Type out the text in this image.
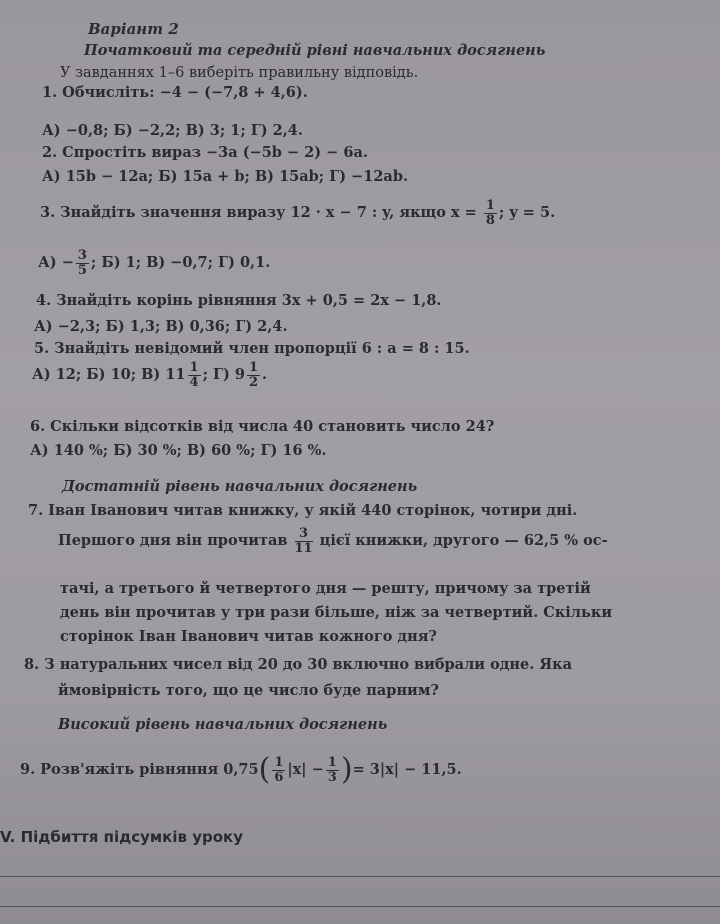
Варіант 2
Початковий та середній рівні навчальних досягнень
У завданнях 1–6 виберіть правильну відповідь.
1. Обчисліть: −4 − (−7,8 + 4,6).
А) −0,8; Б) −2,2; В) 3; 1; Г) 2,4.
2. Спростіть вираз −3a (−5b − 2) − 6a.
А) 15b − 12a; Б) 15a + b; В) 15ab; Г) −12ab.
3. Знайдіть значення виразу 12 · x − 7 : y, якщо $x = \frac{1}{8}$ ; y = 5.
$А) - \frac{3}{5}$ ; Б) 1; В) −0,7; Г) 0,1.
4. Знайдіть корінь рівняння 3x + 0,5 = 2x − 1,8.
А) −2,3; Б) 1,3; В) 0,36; Г) 2,4.
5. Знайдіть невідомий член пропорції 6 : a = 8 : 15.
А) 12; Б) 10; В) $11 \frac{1}{4}$ ; Г) $9 \frac{1}{2}$ .
6. Скільки відсотків від числа 40 становить число 24?
А) 140 %; Б) 30 %; В) 60 %; Г) 16 %.
Достатній рівень навчальних досягнень
7. Іван Іванович читав книжку, у якій 440 сторінок, чотири дні.
Першого дня він прочитав $\frac{3}{11}$ цієї книжки, другого — 62,5 % ос-
тачі, а третього й четвертого дня — решту, причому за третій
день він прочитав у три рази більше, ніж за четвертий. Скільки
сторінок Іван Іванович читав кожного дня?
8. З натуральних чисел від 20 до 30 включно вибрали одне. Яка
ймовірність того, що це число буде парним?
Високий рівень навчальних досягнень
9. Розв'яжіть рівняння $0,75( \frac{1}{6} |x| - \frac{1}{3}$ )= 3|x| − 11,5.
V. Підбиття підсумків уроку
